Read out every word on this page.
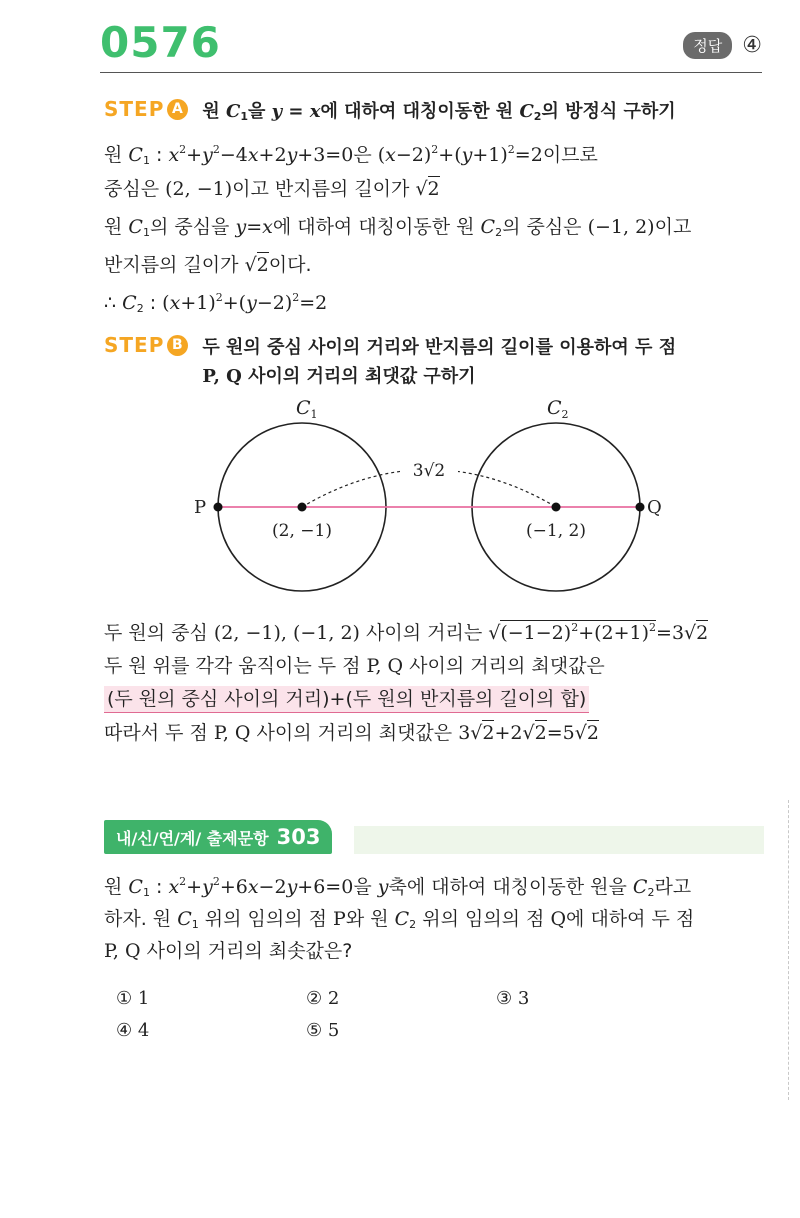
0576	정답 ④
STEP A 원 $C_1$을 y = x에 대하여 대칭이동한 원 $C_2$의 방정식 구하기
원 $C_1$ : $x^2+y^2-4x+2y+3=0$은 $(x-2)^2+(y+1)^2=2$이므로
중심은 (2, −1)이고 반지름의 길이가 √2
원 $C_1$의 중심을 y=x에 대하여 대칭이동한 원 $C_2$의 중심은 (−1, 2)이고
반지름의 길이가 √2이다.
∴ $C_2$ : $(x+1)^2+(y-2)^2=2$
STEP B 두 원의 중심 사이의 거리와 반지름의 길이를 이용하여 두 점
P, Q 사이의 거리의 최댓값 구하기
$C_1$	$C_2$
3√2
P	Q
(2, −1)	(−1, 2)
두 원의 중심 (2, −1), (−1, 2) 사이의 거리는 $√(-1-2)^2+(2+1)^2=3√2$
두 원 위를 각각 움직이는 두 점 P, Q 사이의 거리의 최댓값은
(두 원의 중심 사이의 거리)+(두 원의 반지름의 길이의 합)
따라서 두 점 P, Q 사이의 거리의 최댓값은 3√2+2√2=5√2
내/신/연/계/ 출제문항 303
원 $C_1$ : $x^2+y^2+6x-2y+6=0$을 y축에 대하여 대칭이동한 원을 $C_2$라고
하자. 원 $C_1$ 위의 임의의 점 P와 원 $C_2$ 위의 임의의 점 Q에 대하여 두 점
P, Q 사이의 거리의 최솟값은?
① 1	② 2	③ 3
④ 4	⑤ 5
